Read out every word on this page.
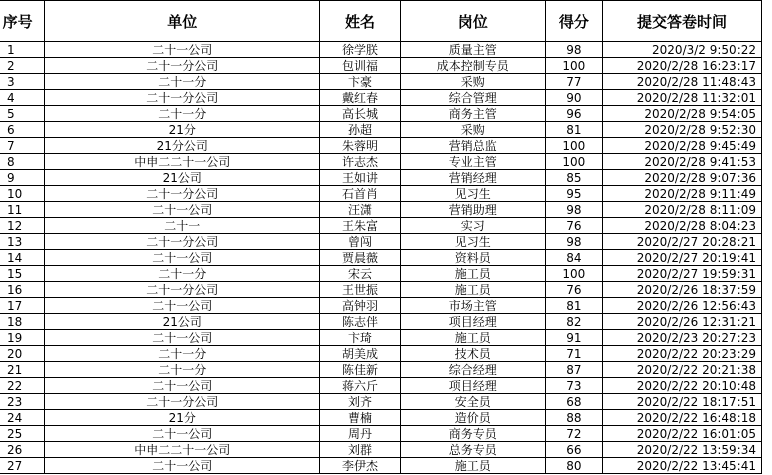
序号	单位	姓名	岗位	得分	提交答卷时间
1	二十一公司	徐学朕	质量主管	98	2020/3/2 9:50:22
2	二十一分公司	包训福	成本控制专员	100	2020/2/28 16:23:17
3	二十一分	卞豪	采购	77	2020/2/28 11:48:43
4	二十一分公司	戴红春	综合管理	90	2020/2/28 11:32:01
5	二十一分	高长城	商务主管	96	2020/2/28 9:54:05
6	21分	孙超	采购	81	2020/2/28 9:52:30
7	21分公司	朱蓉明	营销总监	100	2020/2/28 9:45:49
8	中申二二十一公司	许志杰	专业主管	100	2020/2/28 9:41:53
9	21公司	王如讲	营销经理	85	2020/2/28 9:07:36
10	二十一分公司	石首肖	见习生	95	2020/2/28 9:11:49
11	二十一公司	汪潇	营销助理	98	2020/2/28 8:11:09
12	二十一	王朱富	实习	76	2020/2/28 8:04:23
13	二十一分公司	曾闯	见习生	98	2020/2/27 20:28:21
14	二十一公司	贾晨薇	资料员	84	2020/2/27 20:19:41
15	二十一分	宋云	施工员	100	2020/2/27 19:59:31
16	二十一分公司	王世振	施工员	76	2020/2/26 18:37:59
17	二十一公司	高钟羽	市场主管	81	2020/2/26 12:56:43
18	21公司	陈志伴	项目经理	82	2020/2/26 12:31:21
19	二十一公司	卞琦	施工员	91	2020/2/23 20:27:23
20	二十一分	胡美成	技术员	71	2020/2/22 20:23:29
21	二十一分	陈佳新	综合经理	87	2020/2/22 20:21:38
22	二十一公司	蒋六斤	项目经理	73	2020/2/22 20:10:48
23	二十一分公司	刘齐	安全员	68	2020/2/22 18:17:51
24	21分	曹楠	造价员	88	2020/2/22 16:48:18
25	二十一公司	周丹	商务专员	72	2020/2/22 16:01:05
26	中申二二十一公司	刘群	总务专员	66	2020/2/22 13:59:34
27	二十一公司	李伊杰	施工员	80	2020/2/22 13:45:41
